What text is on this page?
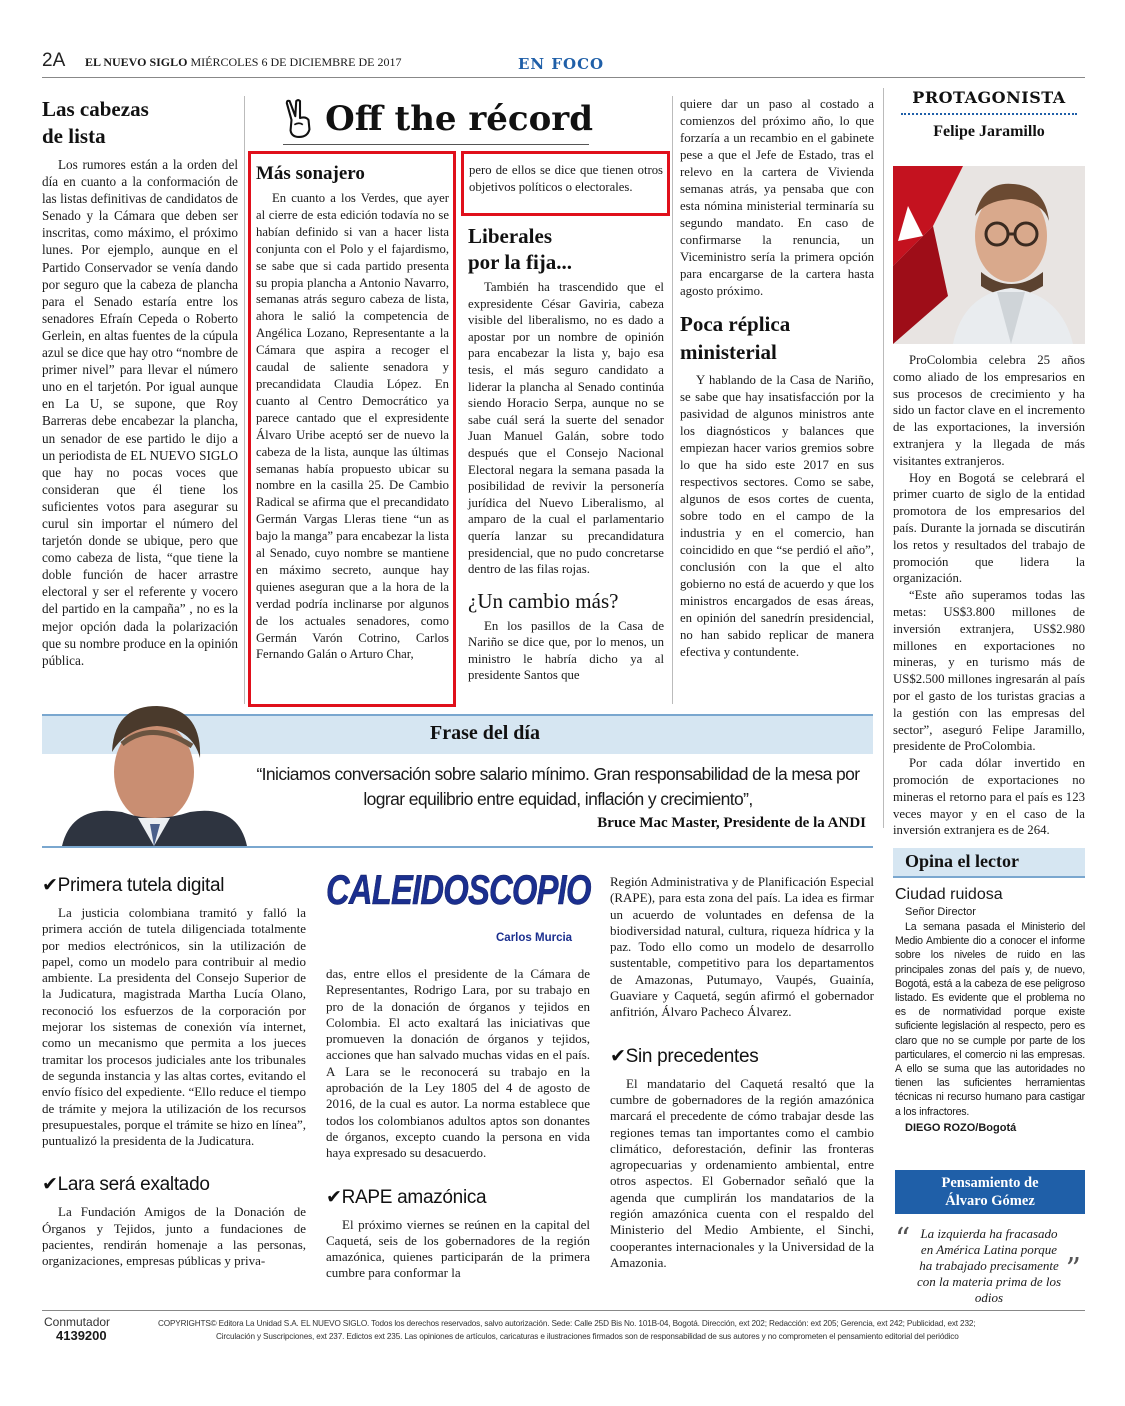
2A EL NUEVO SIGLO MIÉRCOLES 6 DE DICIEMBRE DE 2017	EN FOCO
Las cabezas
de lista

Los rumores están a la orden del día en cuanto a la conformación de las listas definitivas de candidatos de Senado y la Cámara que deben ser inscritas, como máximo, el próximo lunes. Por ejemplo, aunque en el Partido Conservador se venía dando por seguro que la cabeza de plancha para el Senado estaría entre los senadores Efraín Cepeda o Roberto Gerlein, en altas fuentes de la cúpula azul se dice que hay otro “nombre de primer nivel” para llevar el número uno en el tarjetón. Por igual aunque en La U, se supone, que Roy Barreras debe encabezar la plancha, un senador de ese partido le dijo a un periodista de EL NUEVO SIGLO que hay no pocas voces que consideran que él tiene los suficientes votos para asegurar su curul sin importar el número del tarjetón donde se ubique, pero que como cabeza de lista, “que tiene la doble función de hacer arrastre electoral y ser el referente y vocero del partido en la campaña” , no es la mejor opción dada la polarización que su nombre produce en la opinión pública.

Off the récord
Más sonajero

En cuanto a los Verdes, que ayer al cierre de esta edición todavía no se habían definido si van a hacer lista conjunta con el Polo y el fajardismo, se sabe que si cada partido presenta su propia plancha a Antonio Navarro, semanas atrás seguro cabeza de lista, ahora le salió la competencia de Angélica Lozano, Representante a la Cámara que aspira a recoger el caudal de saliente senadora y precandidata Claudia López. En cuanto al Centro Democrático ya parece cantado que el expresidente Álvaro Uribe aceptó ser de nuevo la cabeza de la lista, aunque las últimas semanas había propuesto ubicar su nombre en la casilla 25. De Cambio Radical se afirma que el precandidato Germán Vargas Lleras tiene “un as bajo la manga” para encabezar la lista al Senado, cuyo nombre se mantiene en máximo secreto, aunque hay quienes aseguran que a la hora de la verdad podría inclinarse por algunos de los actuales senadores, como Germán Varón Cotrino, Carlos Fernando Galán o Arturo Char,

pero de ellos se dice que tienen otros objetivos políticos o electorales.

Liberales
por la fija...

También ha trascendido que el expresidente César Gaviria, cabeza visible del liberalismo, no es dado a apostar por un nombre de opinión para encabezar la lista y, bajo esa tesis, el más seguro candidato a liderar la plancha al Senado continúa siendo Horacio Serpa, aunque no se sabe cuál será la suerte del senador Juan Manuel Galán, sobre todo después que el Consejo Nacional Electoral negara la semana pasada la posibilidad de revivir la personería jurídica del Nuevo Liberalismo, al amparo de la cual el parlamentario quería lanzar su precandidatura presidencial, que no pudo concretarse dentro de las filas rojas.

¿Un cambio más?

En los pasillos de la Casa de Nariño se dice que, por lo menos, un ministro le habría dicho ya al presidente Santos que

quiere dar un paso al costado a comienzos del próximo año, lo que forzaría a un recambio en el gabinete pese a que el Jefe de Estado, tras el relevo en la cartera de Vivienda semanas atrás, ya pensaba que con esta nómina ministerial terminaría su segundo mandato. En caso de confirmarse la renuncia, un Viceministro sería la primera opción para encargarse de la cartera hasta agosto próximo.

Poca réplica
ministerial

Y hablando de la Casa de Nariño, se sabe que hay insatisfacción por la pasividad de algunos ministros ante los diagnósticos y balances que empiezan hacer varios gremios sobre lo que ha sido este 2017 en sus respectivos sectores. Como se sabe, algunos de esos cortes de cuenta, sobre todo en el campo de la industria y en el comercio, han coincidido en que “se perdió el año”, conclusión con la que el alto gobierno no está de acuerdo y que los ministros encargados de esas áreas, en opinión del sanedrín presidencial, no han sabido replicar de manera efectiva y contundente.

PROTAGONISTA
Felipe Jaramillo

ProColombia celebra 25 años como aliado de los empresarios en sus procesos de crecimiento y ha sido un factor clave en el incremento de las exportaciones, la inversión extranjera y la llegada de más visitantes extranjeros.

Hoy en Bogotá se celebrará el primer cuarto de siglo de la entidad promotora de los empresarios del país. Durante la jornada se discutirán los retos y resultados del trabajo de promoción que lidera la organización.

“Este año superamos todas las metas: US$3.800 millones de inversión extranjera, US$2.980 millones en exportaciones no mineras, y en turismo más de US$2.500 millones ingresarán al país por el gasto de los turistas gracias a la gestión con las empresas del sector”, aseguró Felipe Jaramillo, presidente de ProColombia.

Por cada dólar invertido en promoción de exportaciones no mineras el retorno para el país es 123 veces mayor y en el caso de la inversión extranjera es de 264.

Frase del día
“Iniciamos conversación sobre salario mínimo. Gran responsabilidad de la mesa por
lograr equilibrio entre equidad, inflación y crecimiento”,
Bruce Mac Master, Presidente de la ANDI
✔Primera tutela digital

La justicia colombiana tramitó y falló la primera acción de tutela diligenciada totalmente por medios electrónicos, sin la utilización de papel, como un modelo para contribuir al medio ambiente. La presidenta del Consejo Superior de la Judicatura, magistrada Martha Lucía Olano, reconoció los esfuerzos de la corporación por mejorar los sistemas de conexión vía internet, como un mecanismo que permita a los jueces tramitar los procesos judiciales ante los tribunales de segunda instancia y las altas cortes, evitando el envío físico del expediente. “Ello reduce el tiempo de trámite y mejora la utilización de los recursos presupuestales, porque el trámite se hizo en línea”, puntualizó la presidenta de la Judicatura.

✔Lara será exaltado

La Fundación Amigos de la Donación de Órganos y Tejidos, junto a fundaciones de pacientes, rendirán homenaje a las personas, organizaciones, empresas públicas y priva-

CALEIDOSCOPIO
Carlos Murcia

das, entre ellos el presidente de la Cámara de Representantes, Rodrigo Lara, por su trabajo en pro de la donación de órganos y tejidos en Colombia. El acto exaltará las iniciativas que promueven la donación de órganos y tejidos, acciones que han salvado muchas vidas en el país. A Lara se le reconocerá su trabajo en la aprobación de la Ley 1805 del 4 de agosto de 2016, de la cual es autor. La norma establece que todos los colombianos adultos aptos son donantes de órganos, excepto cuando la persona en vida haya expresado su desacuerdo.

✔RAPE amazónica

El próximo viernes se reúnen en la capital del Caquetá, seis de los gobernadores de la región amazónica, quienes participarán de la primera cumbre para conformar la

Región Administrativa y de Planificación Especial (RAPE), para esta zona del país. La idea es firmar un acuerdo de voluntades en defensa de la biodiversidad natural, cultura, riqueza hídrica y la paz. Todo ello como un modelo de desarrollo sustentable, competitivo para los departamentos de Amazonas, Putumayo, Vaupés, Guainía, Guaviare y Caquetá, según afirmó el gobernador anfitrión, Álvaro Pacheco Álvarez.

✔Sin precedentes

El mandatario del Caquetá resaltó que la cumbre de gobernadores de la región amazónica marcará el precedente de cómo trabajar desde las regiones temas tan importantes como el cambio climático, deforestación, definir las fronteras agropecuarias y ordenamiento ambiental, entre otros aspectos. El Gobernador señaló que la agenda que cumplirán los mandatarios de la región amazónica cuenta con el respaldo del Ministerio del Medio Ambiente, el Sinchi, cooperantes internacionales y la Universidad de la Amazonia.

Opina el lector
Ciudad ruidosa
Señor Director
La semana pasada el Ministerio del Medio Ambiente dio a conocer el informe sobre los niveles de ruido en las principales zonas del país y, de nuevo, Bogotá, está a la cabeza de ese peligroso listado. Es evidente que el problema no es de normatividad porque existe suficiente legislación al respecto, pero es claro que no se cumple por parte de los particulares, el comercio ni las empresas. A ello se suma que las autoridades no tienen las suficientes herramientas técnicas ni recurso humano para castigar a los infractores.
DIEGO ROZO/Bogotá
Pensamiento de
Álvaro Gómez
“ La izquierda ha fracasado en América Latina porque ha trabajado precisamente con la materia prima de los odios
”
Conmutador
4139200
COPYRIGHTS© Editora La Unidad S.A. EL NUEVO SIGLO. Todos los derechos reservados, salvo autorización. Sede: Calle 25D Bis No. 101B-04, Bogotá. Dirección, ext 202; Redacción: ext 205; Gerencia, ext 242; Publicidad, ext 232;
Circulación y Suscripciones, ext 237. Edictos ext 235. Las opiniones de artículos, caricaturas e ilustraciones firmados son de responsabilidad de sus autores y no comprometen el pensamiento editorial del periódico
